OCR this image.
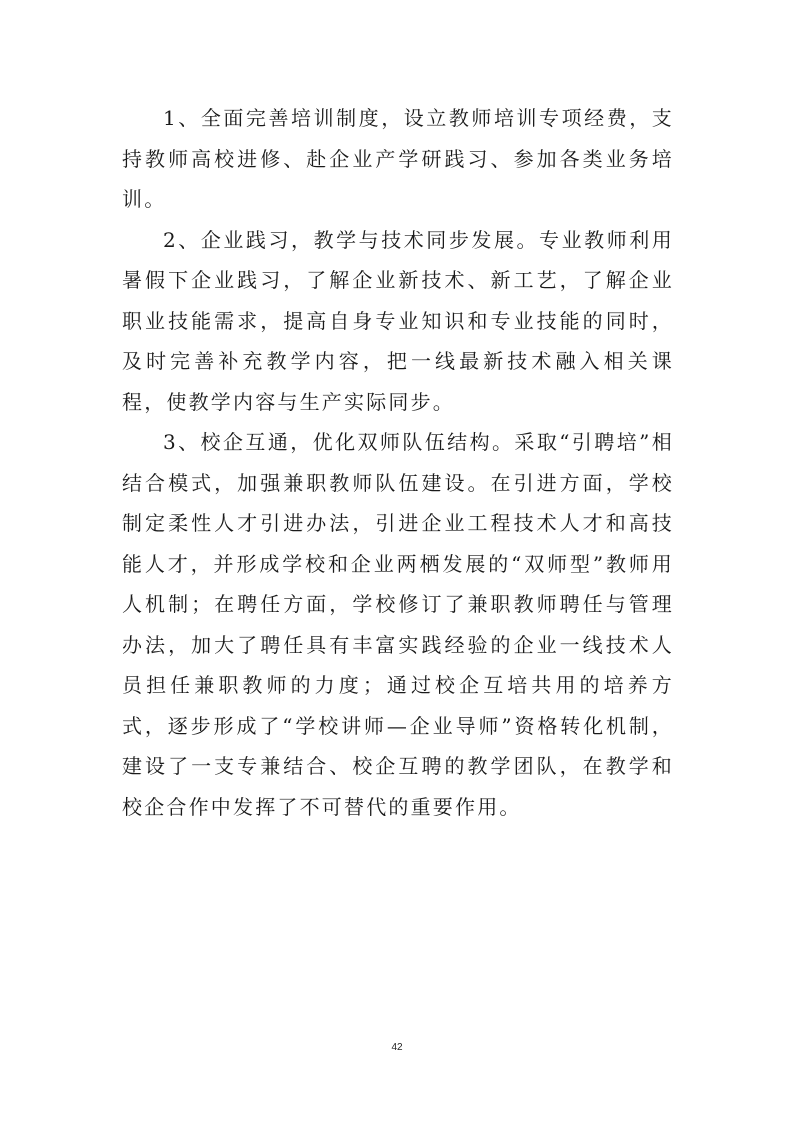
1、全面完善培训制度，设立教师培训专项经费，支持教师高校进修、赴企业产学研践习、参加各类业务培训。

2、企业践习，教学与技术同步发展。专业教师利用暑假下企业践习，了解企业新技术、新工艺，了解企业职业技能需求，提高自身专业知识和专业技能的同时，及时完善补充教学内容，把一线最新技术融入相关课程，使教学内容与生产实际同步。

3、校企互通，优化双师队伍结构。采取“引聘培”相结合模式，加强兼职教师队伍建设。在引进方面，学校制定柔性人才引进办法，引进企业工程技术人才和高技能人才，并形成学校和企业两栖发展的“双师型”教师用人机制；在聘任方面，学校修订了兼职教师聘任与管理办法，加大了聘任具有丰富实践经验的企业一线技术人员担任兼职教师的力度；通过校企互培共用的培养方式，逐步形成了“学校讲师—企业导师”资格转化机制，建设了一支专兼结合、校企互聘的教学团队，在教学和校企合作中发挥了不可替代的重要作用。

42
